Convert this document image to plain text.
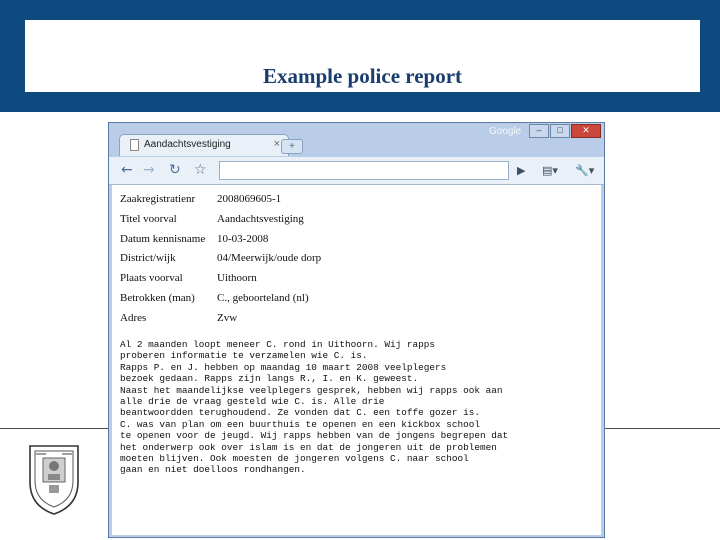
Example police report
Aandachtsvestiging	× +
Google	–	□	✕
← → ↻ ☆	▶ ▤▾ 🔧▾
Zaakregistratienr 2008069605-1
Titel voorval	Aandachtsvestiging
Datum kennisname 10-03-2008
District/wijk	04/Meerwijk/oude dorp
Plaats voorval	Uithoorn
Betrokken (man) C., geboorteland (nl)
Adres	Zvw
Al 2 maanden loopt meneer C. rond in Uithoorn. Wij rapps
proberen informatie te verzamelen wie C. is.
Rapps P. en J. hebben op maandag 10 maart 2008 veelplegers
bezoek gedaan. Rapps zijn langs R., I. en K. geweest.
Naast het maandelijkse veelplegers gesprek, hebben wij rapps ook aan
alle drie de vraag gesteld wie C. is. Alle drie
beantwoordden terughoudend. Ze vonden dat C. een toffe gozer is.
C. was van plan om een buurthuis te openen en een kickbox school
te openen voor de jeugd. Wij rapps hebben van de jongens begrepen dat
het onderwerp ook over islam is en dat de jongeren uit de problemen
moeten blijven. Ook moesten de jongeren volgens C. naar school
gaan en niet doelloos rondhangen.
